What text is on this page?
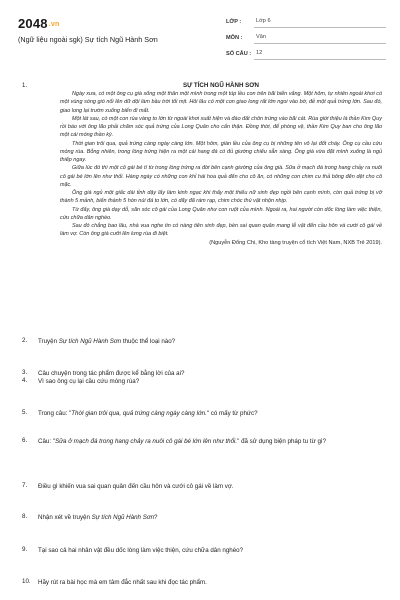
2048.vn
(Ngữ liệu ngoài sgk) Sự tích Ngũ Hành Sơn
LỚP :	Lớp 6
MÔN :	Văn
SỐ CÂU : 12
1.	SỰ TÍCH NGŨ HÀNH SƠN

Ngày xưa, có một ông cụ già sống một thân một mình trong một túp lều con trên bãi biển vắng. Một hôm, tự nhiên ngoài khơi có một vùng sóng gió nổi lên dữ dội làm bầu trời tối mịt. Hôi lâu có một con giao long rất lớn ngoi vào bờ, đẻ một quả trứng lớn. Sau đó, giao long lại trườn xuống biển đi mất.

Một lát sau, có một con rùa vàng to lớn từ ngoài khơi xuất hiện và đào đất chôn trứng vào bãi cát. Rùa giới thiệu là thần Kim Quy rồi báo với ông lão phải chăm sóc quả trứng của Long Quân cho cẩn thận. Đồng thời, để phòng vệ, thần Kim Quy ban cho ông lão một cái móng thần kỳ.

Thời gian trôi qua, quả trứng càng ngày càng lớn. Một hôm, giàn lều của ông cụ bị những tên vô lại đốt cháy. Ông cụ cầu cứu móng rùa. Bỗng nhiên, trong lòng trứng hiện ra một cái hang đá có đủ giường chiếu sẵn sàng. Ông già vừa đặt mình xuống là ngủ thiếp ngay.

Giữa lúc đó thì một cô gái bé tí từ trong lòng trứng ra đời bên cạnh giường của ông già. Sữa ở mạch đá trong hang chảy ra nuôi cô gái bé lớn lên như thổi. Hàng ngày có những con khỉ hái hoa quả đến cho cô ăn, có những con chim cu thả bông đến dệt cho cô mặc.

Ông già ngủ một giấc dài tỉnh dậy lấy làm kinh ngạc khi thấy một thiếu nữ xinh đẹp ngồi bên cạnh mình, còn quả trứng bị vỡ thành 5 mảnh, biến thành 5 hòn núi đá to lớn, có dãy đã rám rạp, chim chóc thú vật nhộn nhịp.

Từ đấy, ông già dạy dỗ, săn sóc cô gái của Long Quân như con ruột của mình. Ngoài ra, hai người còn dốc lòng làm việc thiện, cứu chữa dân nghèo.

Sau đó chẳng bao lâu, nhà vua nghe tin có nàng tiên xinh đẹp, bèn sai quan quân mang lễ vật đến cầu hôn và cưới cô gái về làm vợ. Còn ông già cưỡi lên lưng rùa đi biệt.

(Nguyễn Đổng Chi, Kho tàng truyện cổ tích Việt Nam, NXB Trẻ 2019).
2.	Truyện Sự tích Ngũ Hành Sơn thuộc thể loại nào?
3.	Câu chuyện trong tác phẩm được kể bằng lời của ai?
4.	Vì sao ông cụ lại cầu cứu móng rùa?
5.	Trong câu: "Thời gian trôi qua, quả trứng càng ngày càng lớn." có mấy từ phức?
6.	Câu: "Sữa ở mạch đá trong hang chảy ra nuôi cô gái bé lớn lên như thổi." đã sử dụng biện pháp tu từ gì?
7.	Điều gì khiến vua sai quan quân đến cầu hôn và cưới cô gái về làm vợ.
8.	Nhận xét về truyện Sự tích Ngũ Hành Sơn?
9.	Tại sao cả hai nhân vật đều dốc lòng làm việc thiện, cứu chữa dân nghèo?
10.	Hãy rút ra bài học mà em tâm đắc nhất sau khi đọc tác phẩm.
